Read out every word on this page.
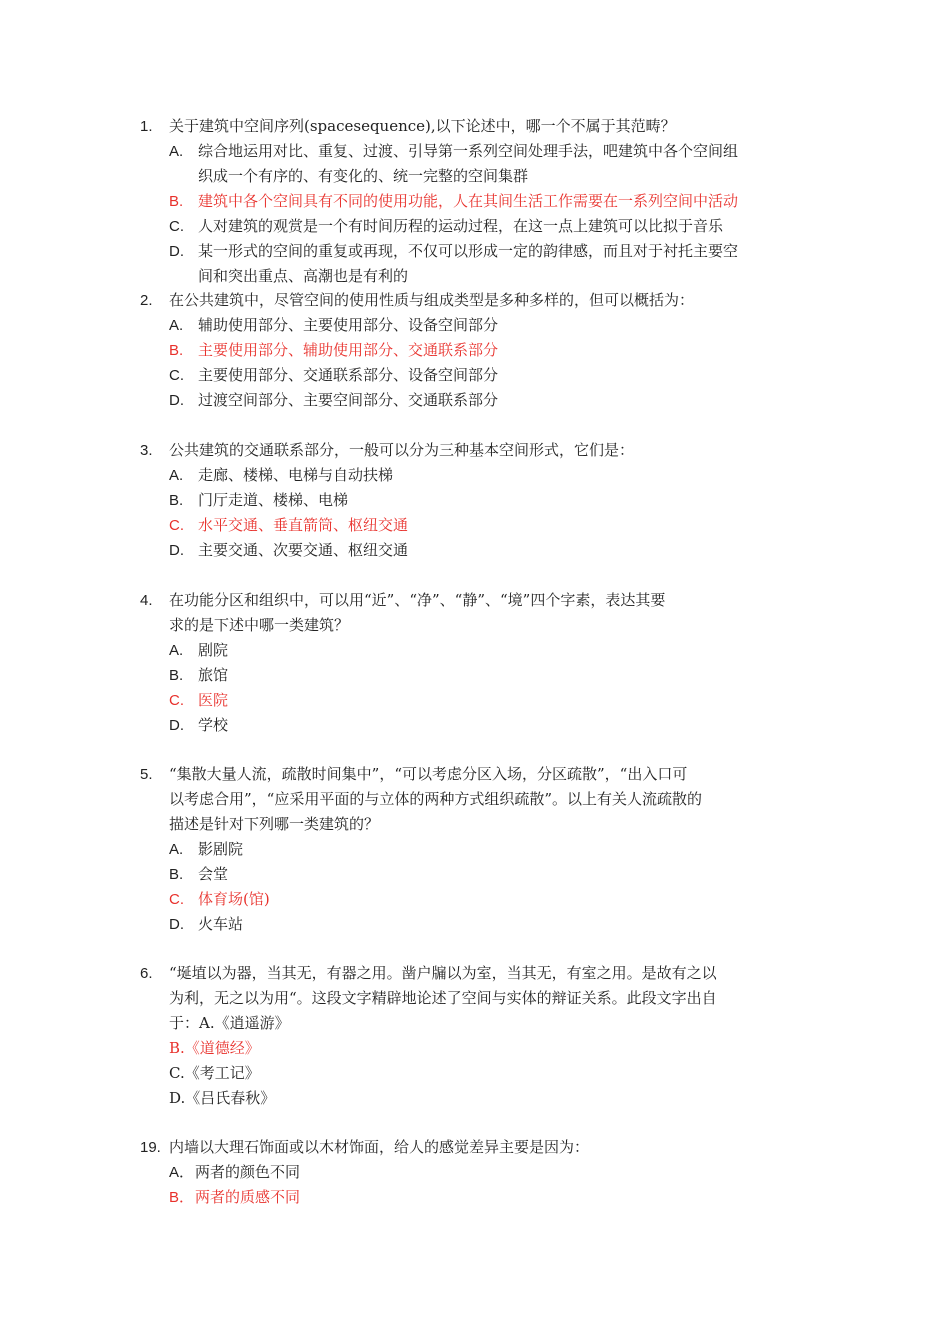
1.	关于建筑中空间序列(spacesequence),以下论述中，哪一个不属于其范畴？
A. 综合地运用对比、重复、过渡、引导第一系列空间处理手法，吧建筑中各个空间组
织成一个有序的、有变化的、统一完整的空间集群
B. 建筑中各个空间具有不同的使用功能，人在其间生活工作需要在一系列空间中活动
C. 人对建筑的观赏是一个有时间历程的运动过程，在这一点上建筑可以比拟于音乐
D. 某一形式的空间的重复或再现，不仅可以形成一定的韵律感，而且对于衬托主要空
间和突出重点、高潮也是有利的
2.	在公共建筑中，尽管空间的使用性质与组成类型是多种多样的，但可以概括为：
A. 辅助使用部分、主要使用部分、设备空间部分
B. 主要使用部分、辅助使用部分、交通联系部分
C. 主要使用部分、交通联系部分、设备空间部分
D. 过渡空间部分、主要空间部分、交通联系部分
3.	公共建筑的交通联系部分，一般可以分为三种基本空间形式，它们是：
A. 走廊、楼梯、电梯与自动扶梯
B. 门厅走道、楼梯、电梯
C. 水平交通、垂直箭筒、枢纽交通
D. 主要交通、次要交通、枢纽交通
4.	在功能分区和组织中，可以用“近”、“净”、“静”、“境”四个字素，表达其要
求的是下述中哪一类建筑？
A. 剧院
B. 旅馆
C. 医院
D. 学校
5.	“集散大量人流，疏散时间集中”，“可以考虑分区入场，分区疏散”，“出入口可
以考虑合用”，“应采用平面的与立体的两种方式组织疏散”。以上有关人流疏散的
描述是针对下列哪一类建筑的？
A. 影剧院
B. 会堂
C. 体育场(馆)
D. 火车站
6.	“埏埴以为器，当其无，有器之用。凿户牖以为室，当其无，有室之用。是故有之以
为利，无之以为用“。这段文字精辟地论述了空间与实体的辩证关系。此段文字出自
于：A.《逍遥游》
B.《道德经》
C.《考工记》
D.《吕氏春秋》
19. 内墙以大理石饰面或以木材饰面，给人的感觉差异主要是因为：
A． 两者的颜色不同
B． 两者的质感不同
